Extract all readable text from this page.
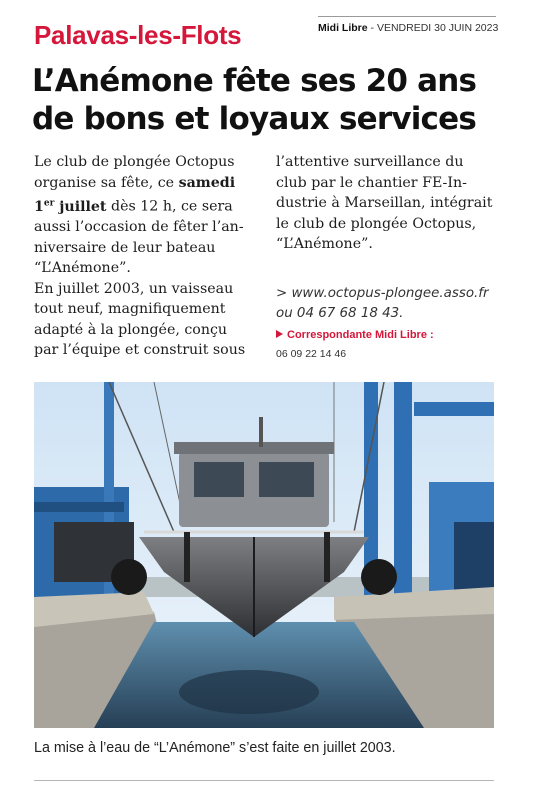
Midi Libre - VENDREDI 30 JUIN 2023
Palavas-les-Flots
L’Anémone fête ses 20 ans
de bons et loyaux services
Le club de plongée Octopus
organise sa fête, ce samedi
1er juillet dès 12 h, ce sera
aussi l’occasion de fêter l’an-
niversaire de leur bateau
“L’Anémone”.
En juillet 2003, un vaisseau
tout neuf, magnifiquement
adapté à la plongée, conçu
par l’équipe et construit sous
l’attentive surveillance du
club par le chantier FE-In-
dustrie à Marseillan, intégrait
le club de plongée Octopus,
“L’Anémone”.
> www.octopus-plongee.asso.fr
ou 04 67 68 18 43.
Correspondante Midi Libre :
06 09 22 14 46
La mise à l’eau de “L’Anémone” s’est faite en juillet 2003.
